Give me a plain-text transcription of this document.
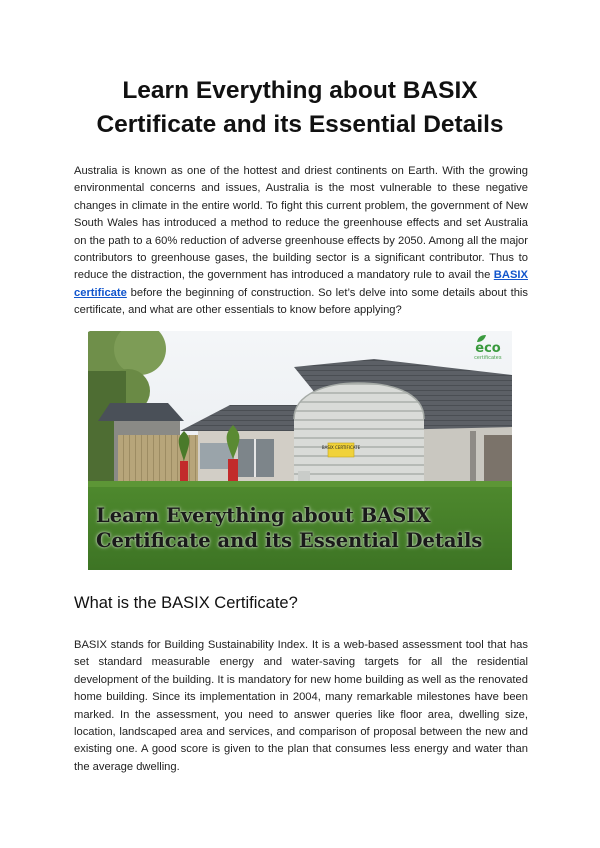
Learn Everything about BASIX Certificate and its Essential Details

Australia is known as one of the hottest and driest continents on Earth. With the growing environmental concerns and issues, Australia is the most vulnerable to these negative changes in climate in the entire world. To fight this current problem, the government of New South Wales has introduced a method to reduce the greenhouse effects and set Australia on the path to a 60% reduction of adverse greenhouse effects by 2050. Among all the major contributors to greenhouse gases, the building sector is a significant contributor. Thus to reduce the distraction, the government has introduced a mandatory rule to avail the BASIX certificate before the beginning of construction. So let’s delve into some details about this certificate, and what are other essentials to know before applying?

BASIX CERTIFICATE
eco
certificates
Learn Everything about BASIX Certificate and its Essential Details
What is the BASIX Certificate?

BASIX stands for Building Sustainability Index. It is a web-based assessment tool that has set standard measurable energy and water-saving targets for all the residential development of the building. It is mandatory for new home building as well as the renovated home building. Since its implementation in 2004, many remarkable milestones have been marked. In the assessment, you need to answer queries like floor area, dwelling size, location, landscaped area and services, and comparison of proposal between the new and existing one. A good score is given to the plan that consumes less energy and water than the average dwelling.
